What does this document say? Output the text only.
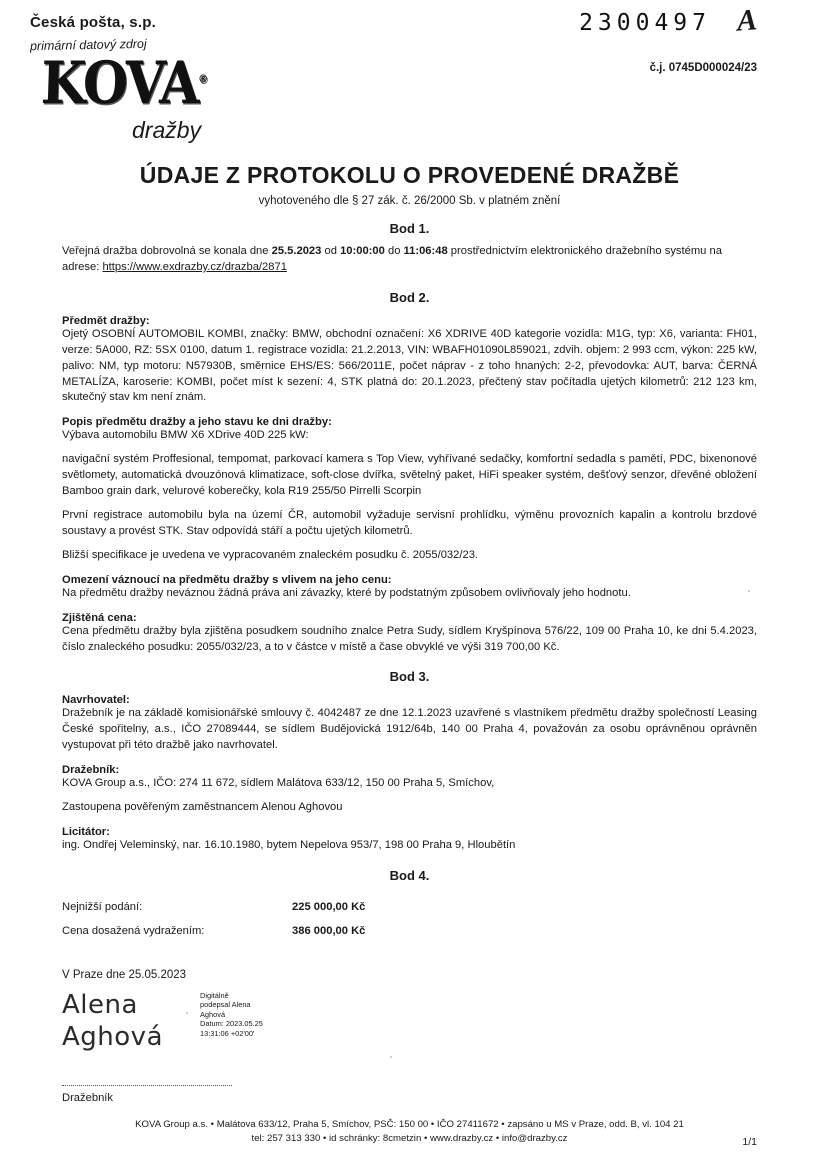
Česká pošta, s.p.
primární datový zdroj
KOVA®
dražby
2300497 A
č.j. 0745D000024/23
ÚDAJE Z PROTOKOLU O PROVEDENÉ DRAŽBĚ
vyhotoveného dle § 27 zák. č. 26/2000 Sb. v platném znění
Bod 1.

Veřejná dražba dobrovolná se konala dne 25.5.2023 od 10:00:00 do 11:06:48 prostřednictvím elektronického dražebního systému na adrese: https://www.exdrazby.cz/drazba/2871

Bod 2.
Předmět dražby:

Ojetý OSOBNÍ AUTOMOBIL KOMBI, značky: BMW, obchodní označení: X6 XDRIVE 40D kategorie vozidla: M1G, typ: X6, varianta: FH01, verze: 5A000, RZ: 5SX 0100, datum 1. registrace vozidla: 21.2.2013, VIN: WBAFH01090L859021, zdvih. objem: 2 993 ccm, výkon: 225 kW, palivo: NM, typ motoru: N57930B, směrnice EHS/ES: 566/2011E, počet náprav - z toho hnaných: 2-2, převodovka: AUT, barva: ČERNÁ METALÍZA, karoserie: KOMBI, počet míst k sezení: 4, STK platná do: 20.1.2023, přečtený stav počítadla ujetých kilometrů: 212 123 km, skutečný stav km není znám.

Popis předmětu dražby a jeho stavu ke dni dražby:

Výbava automobilu BMW X6 XDrive 40D 225 kW:

navigační systém Proffesional, tempomat, parkovací kamera s Top View, vyhřívané sedačky, komfortní sedadla s pamětí, PDC, bixenonové světlomety, automatická dvouzónová klimatizace, soft-close dvířka, světelný paket, HiFi speaker systém, dešťový senzor, dřevěné obložení Bamboo grain dark, velurové koberečky, kola R19 255/50 Pirrelli Scorpin

První registrace automobilu byla na území ČR, automobil vyžaduje servisní prohlídku, výměnu provozních kapalin a kontrolu brzdové soustavy a provést STK. Stav odpovídá stáří a počtu ujetých kilometrů.

Bližší specifikace je uvedena ve vypracovaném znaleckém posudku č. 2055/032/23.

Omezení váznoucí na předmětu dražby s vlivem na jeho cenu:

Na předmětu dražby neváznou žádná práva ani závazky, které by podstatným způsobem ovlivňovaly jeho hodnotu.

Zjištěná cena:

Cena předmětu dražby byla zjištěna posudkem soudního znalce Petra Sudy, sídlem Kryšpínova 576/22, 109 00 Praha 10, ke dni 5.4.2023, číslo znaleckého posudku: 2055/032/23, a to v částce v místě a čase obvyklé ve výši 319 700,00 Kč.

Bod 3.
Navrhovatel:

Dražebník je na základě komisionářské smlouvy č. 4042487 ze dne 12.1.2023 uzavřené s vlastníkem předmětu dražby společností Leasing České spořitelny, a.s., IČO 27089444, se sídlem Budějovická 1912/64b, 140 00 Praha 4, považován za osobu oprávněnou oprávněn vystupovat při této dražbě jako navrhovatel.

Dražebník:

KOVA Group a.s., IČO: 274 11 672, sídlem Malátova 633/12, 150 00 Praha 5, Smíchov,

Zastoupena pověřeným zaměstnancem Alenou Aghovou

Licitátor:

ing. Ondřej Veleminský, nar. 16.10.1980, bytem Nepelova 953/7, 198 00 Praha 9, Hloubětín

Bod 4.
Nejnižší podání:	225 000,00 Kč
Cena dosažená vydražením:	386 000,00 Kč
V Praze dne 25.05.2023
Alena
Aghová
Digitálně
podepsal Alena
Aghová
Datum: 2023.05.25
13:31:06 +02'00'
Dražebník
KOVA Group a.s. • Malátova 633/12, Praha 5, Smíchov, PSČ: 150 00 • IČO 27411672 • zapsáno u MS v Praze, odd. B, vl. 104 21
tel: 257 313 330 • id schránky: 8cmetzin • www.drazby.cz • info@drazby.cz	1/1
